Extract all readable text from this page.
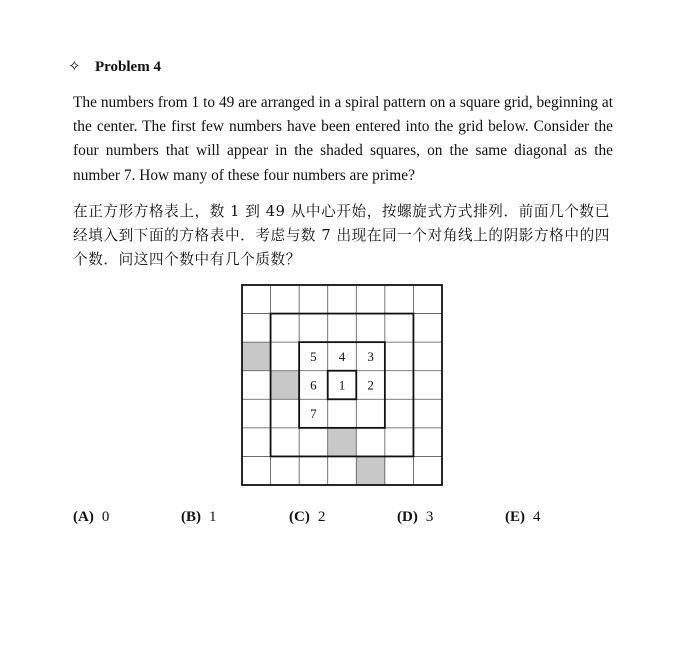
✧ Problem 4
The numbers from 1 to 49 are arranged in a spiral pattern on a square grid, beginning at the center. The first few numbers have been entered into the grid below. Consider the four numbers that will appear in the shaded squares, on the same diagonal as the number 7. How many of these four numbers are prime?
在正方形方格表上，数 1 到 49 从中心开始，按螺旋式方式排列．前面几个数已经填入到下面的方格表中．考虑与数 7 出现在同一个对角线上的阴影方格中的四个数．问这四个数中有几个质数？
5 4 3
6 1 2
7
(A) 0	(B) 1	(C) 2	(D) 3	(E) 4
